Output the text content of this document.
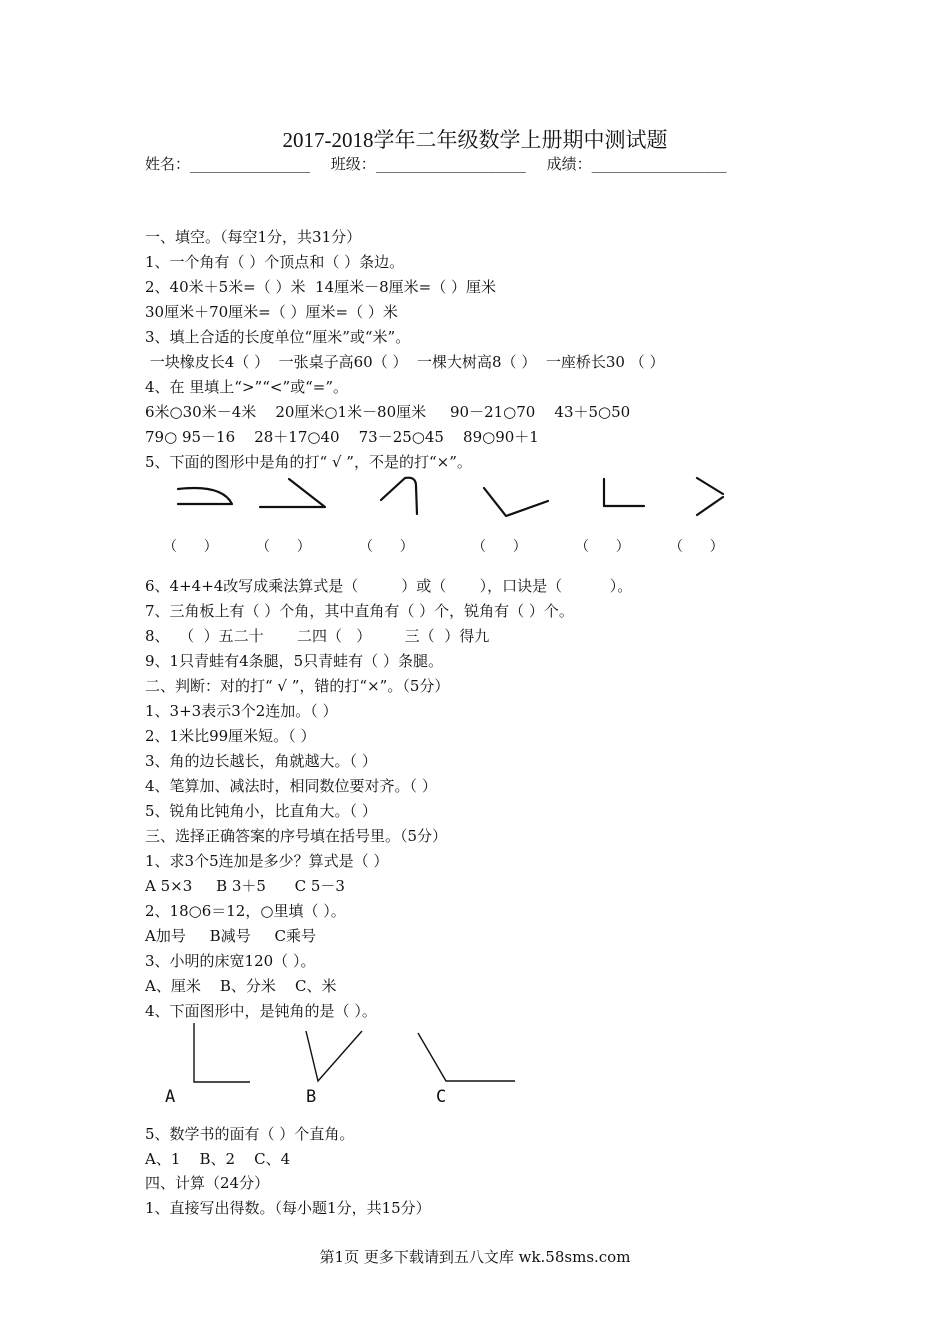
2017-2018学年二年级数学上册期中测试题
姓名：________________ 班级：____________________ 成绩：__________________
一、填空。（每空1分，共31分）
1、一个角有（ ）个顶点和（ ）条边。
2、40米＋5米=（ ）米  14厘米－8厘米=（ ）厘米
30厘米＋70厘米=（ ）厘米=（ ）米
3、填上合适的长度单位“厘米”或“米”。
一块橡皮长4（ ）  一张桌子高60（ ）  一棵大树高8（ ）  一座桥长30 （ ）
4、在 里填上“>”“<”或“=”。
6米○30米－4米    20厘米○1米－80厘米     90－21○70    43＋5○50
79○ 95－16    28＋17○40    73－25○45    89○90＋1
5、下面的图形中是角的打“ √ ”，不是的打“×”。
（      ）	（      ）	（      ）	（      ）	（      ）	（      ）
6、4+4+4改写成乘法算式是（         ）或（       ），口诀是（          ）。
7、三角板上有（ ）个角，其中直角有（ ）个，锐角有（ ）个。
8、  （  ）五二十       二四（   ）       三（  ）得九
9、1只青蛙有4条腿，5只青蛙有（ ）条腿。
二、判断：对的打“ √ ”，错的打“×”。（5分）
1、3+3表示3个2连加。（ ）
2、1米比99厘米短。（ ）
3、角的边长越长，角就越大。（ ）
4、笔算加、减法时，相同数位要对齐。（ ）
5、锐角比钝角小，比直角大。（ ）
三、选择正确答案的序号填在括号里。（5分）
1、求3个5连加是多少？算式是（ ）
A 5×3     B 3＋5      C 5－3
2、18○6＝12，○里填（ ）。
A加号     B减号     C乘号
3、小明的床宽120（ ）。
A、厘米    B、分米    C、米
4、下面图形中，是钝角的是（ ）。
A	B	C
5、数学书的面有（ ）个直角。
A、1    B、2    C、4
四、计算（24分）
1、直接写出得数。（每小题1分，共15分）
第1页 更多下载请到五八文库 wk.58sms.com
